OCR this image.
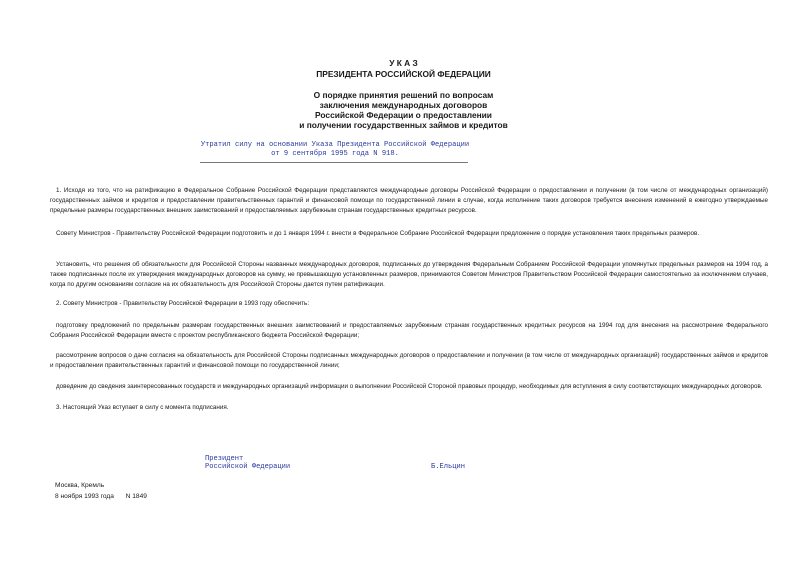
У К А З
ПРЕЗИДЕНТА РОССИЙСКОЙ ФЕДЕРАЦИИ
О порядке принятия решений по вопросам
заключения международных договоров
Российской Федерации о предоставлении
и получении государственных займов и кредитов
Утратил силу на основании Указа Президента Российской Федерации
от 9 сентября 1995 года N 918.

1. Исходя из того, что на ратификацию в Федеральное Собрание Российской Федерации представляются международные договоры Российской Федерации о предоставлении и получении (в том числе от международных организаций) государственных займов и кредитов и предоставлении правительственных гарантий и финансовой помощи по государственной линии в случае, когда исполнение таких договоров требуется внесения изменений в ежегодно утверждаемые предельные размеры государственных внешних заимствований и предоставляемых зарубежным странам государственных кредитных ресурсов.

Совету Министров - Правительству Российской Федерации подготовить и до 1 января 1994 г. внести в Федеральное Собрание Российской Федерации предложение о порядке установления таких предельных размеров.

Установить, что решения об обязательности для Российской Стороны названных международных договоров, подписанных до утверждения Федеральным Собранием Российской Федерации упомянутых предельных размеров на 1994 год, а также подписанных после их утверждения международных договоров на сумму, не превышающую установленных размеров, принимаются Советом Министров Правительством Российской Федерации самостоятельно за исключением случаев, когда по другим основаниям согласие на их обязательность для Российской Стороны дается путем ратификации.

2. Совету Министров - Правительству Российской Федерации в 1993 году обеспечить:

подготовку предложений по предельным размерам государственных внешних заимствований и предоставляемых зарубежным странам государственных кредитных ресурсов на 1994 год для внесения на рассмотрение Федерального Собрания Российской Федерации вместе с проектом республиканского бюджета Российской Федерации;

рассмотрение вопросов о даче согласия на обязательность для Российской Стороны подписанных международных договоров о предоставлении и получении (в том числе от международных организаций) государственных займов и кредитов и предоставлении правительственных гарантий и финансовой помощи по государственной линии;

доведение до сведения заинтересованных государств и международных организаций информации о выполнении Российской Стороной правовых процедур, необходимых для вступления в силу соответствующих международных договоров.

3. Настоящий Указ вступает в силу с момента подписания.

Президент
Российской Федерации	Б.Ельцин
Москва, Кремль
8 ноября 1993 года N 1849
